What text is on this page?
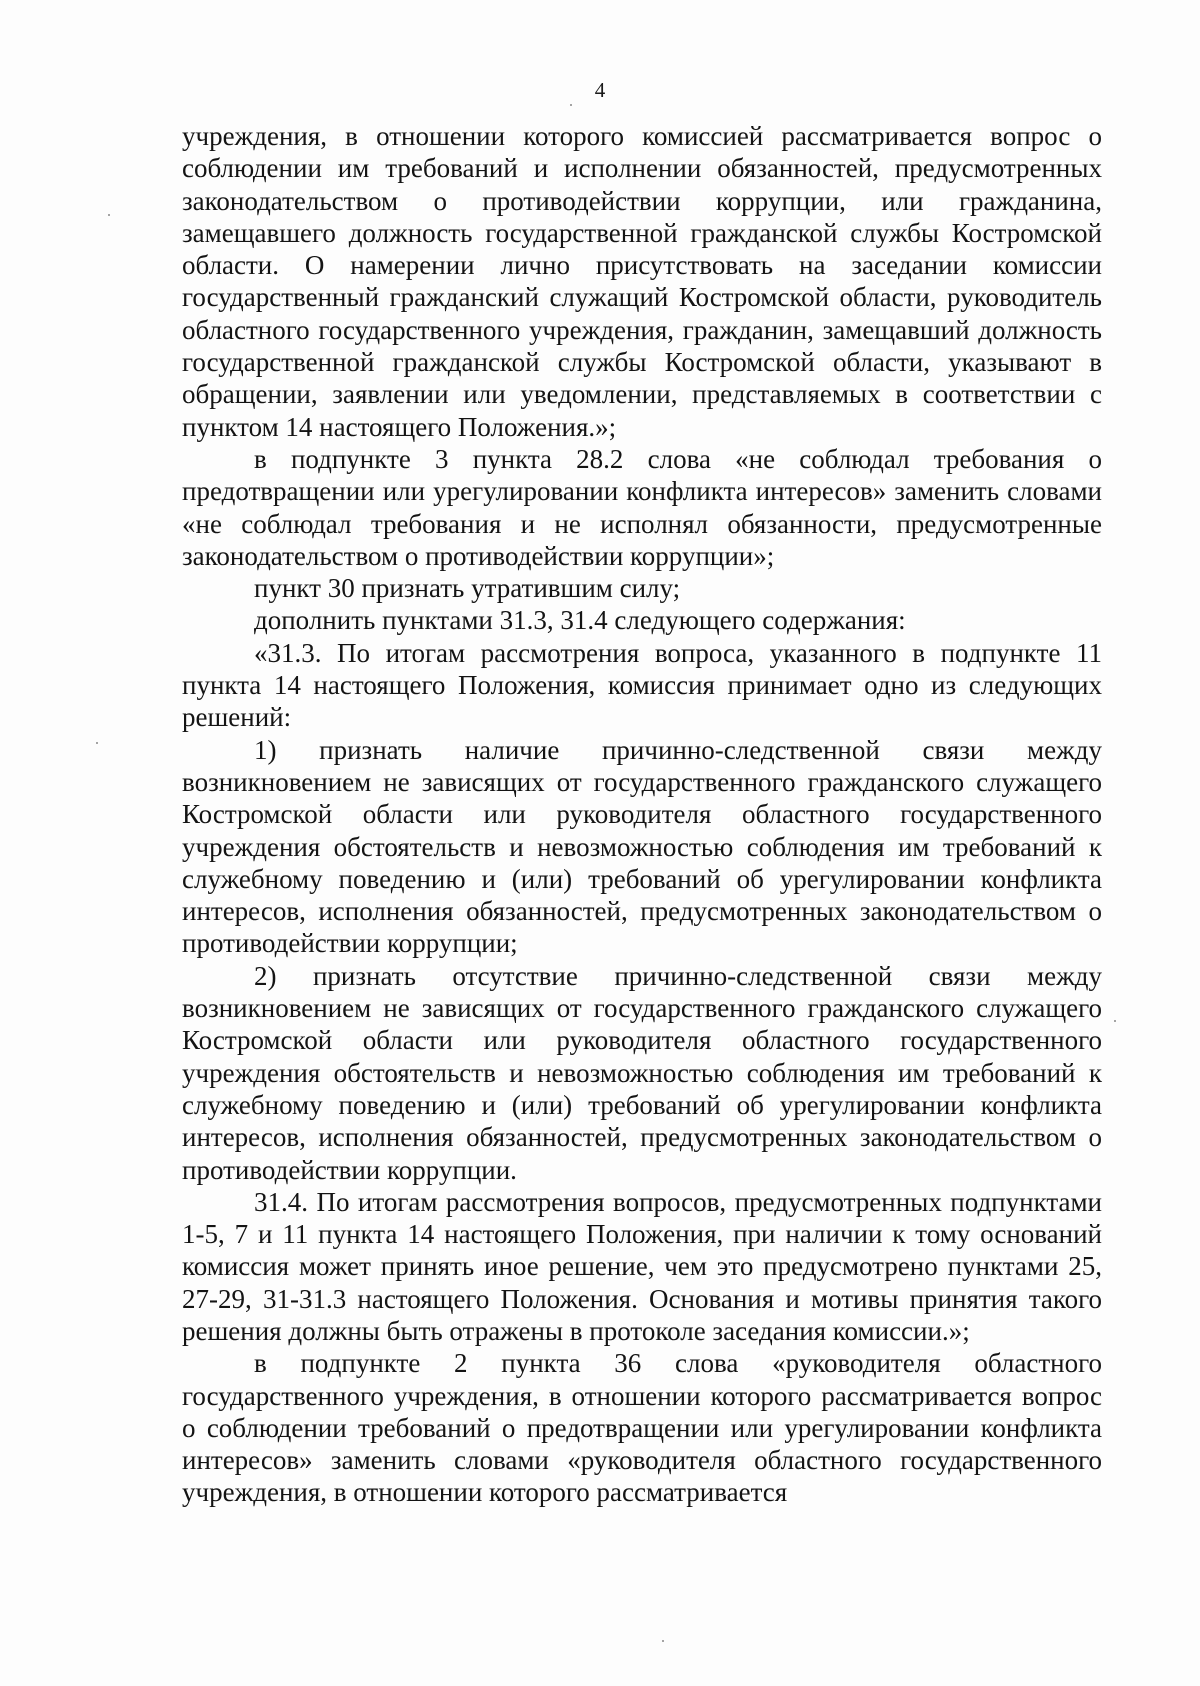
4

учреждения, в отношении которого комиссией рассматривается вопрос о соблюдении им требований и исполнении обязанностей, предусмотренных законодательством о противодействии коррупции, или гражданина, замещавшего должность государственной гражданской службы Костромской области. О намерении лично присутствовать на заседании комиссии государственный гражданский служащий Костромской области, руководитель областного государственного учреждения, гражданин, замещавший должность государственной гражданской службы Костромской области, указывают в обращении, заявлении или уведомлении, представляемых в соответствии с пунктом 14 настоящего Положения.»;

в подпункте 3 пункта 28.2 слова «не соблюдал требования о предотвращении или урегулировании конфликта интересов» заменить словами «не соблюдал требования и не исполнял обязанности, предусмотренные законодательством о противодействии коррупции»;

пункт 30 признать утратившим силу;

дополнить пунктами 31.3, 31.4 следующего содержания:

«31.3. По итогам рассмотрения вопроса, указанного в подпункте 11 пункта 14 настоящего Положения, комиссия принимает одно из следующих решений:

1) признать наличие причинно-следственной связи между возникновением не зависящих от государственного гражданского служащего Костромской области или руководителя областного государственного учреждения обстоятельств и невозможностью соблюдения им требований к служебному поведению и (или) требований об урегулировании конфликта интересов, исполнения обязанностей, предусмотренных законодательством о противодействии коррупции;

2) признать отсутствие причинно-следственной связи между возникновением не зависящих от государственного гражданского служащего Костромской области или руководителя областного государственного учреждения обстоятельств и невозможностью соблюдения им требований к служебному поведению и (или) требований об урегулировании конфликта интересов, исполнения обязанностей, предусмотренных законодательством о противодействии коррупции.

31.4. По итогам рассмотрения вопросов, предусмотренных подпунктами 1-5, 7 и 11 пункта 14 настоящего Положения, при наличии к тому оснований комиссия может принять иное решение, чем это предусмотрено пунктами 25, 27-29, 31-31.3 настоящего Положения. Основания и мотивы принятия такого решения должны быть отражены в протоколе заседания комиссии.»;

в подпункте 2 пункта 36 слова «руководителя областного государственного учреждения, в отношении которого рассматривается вопрос о соблюдении требований о предотвращении или урегулировании конфликта интересов» заменить словами «руководителя областного государственного учреждения, в отношении которого рассматривается
